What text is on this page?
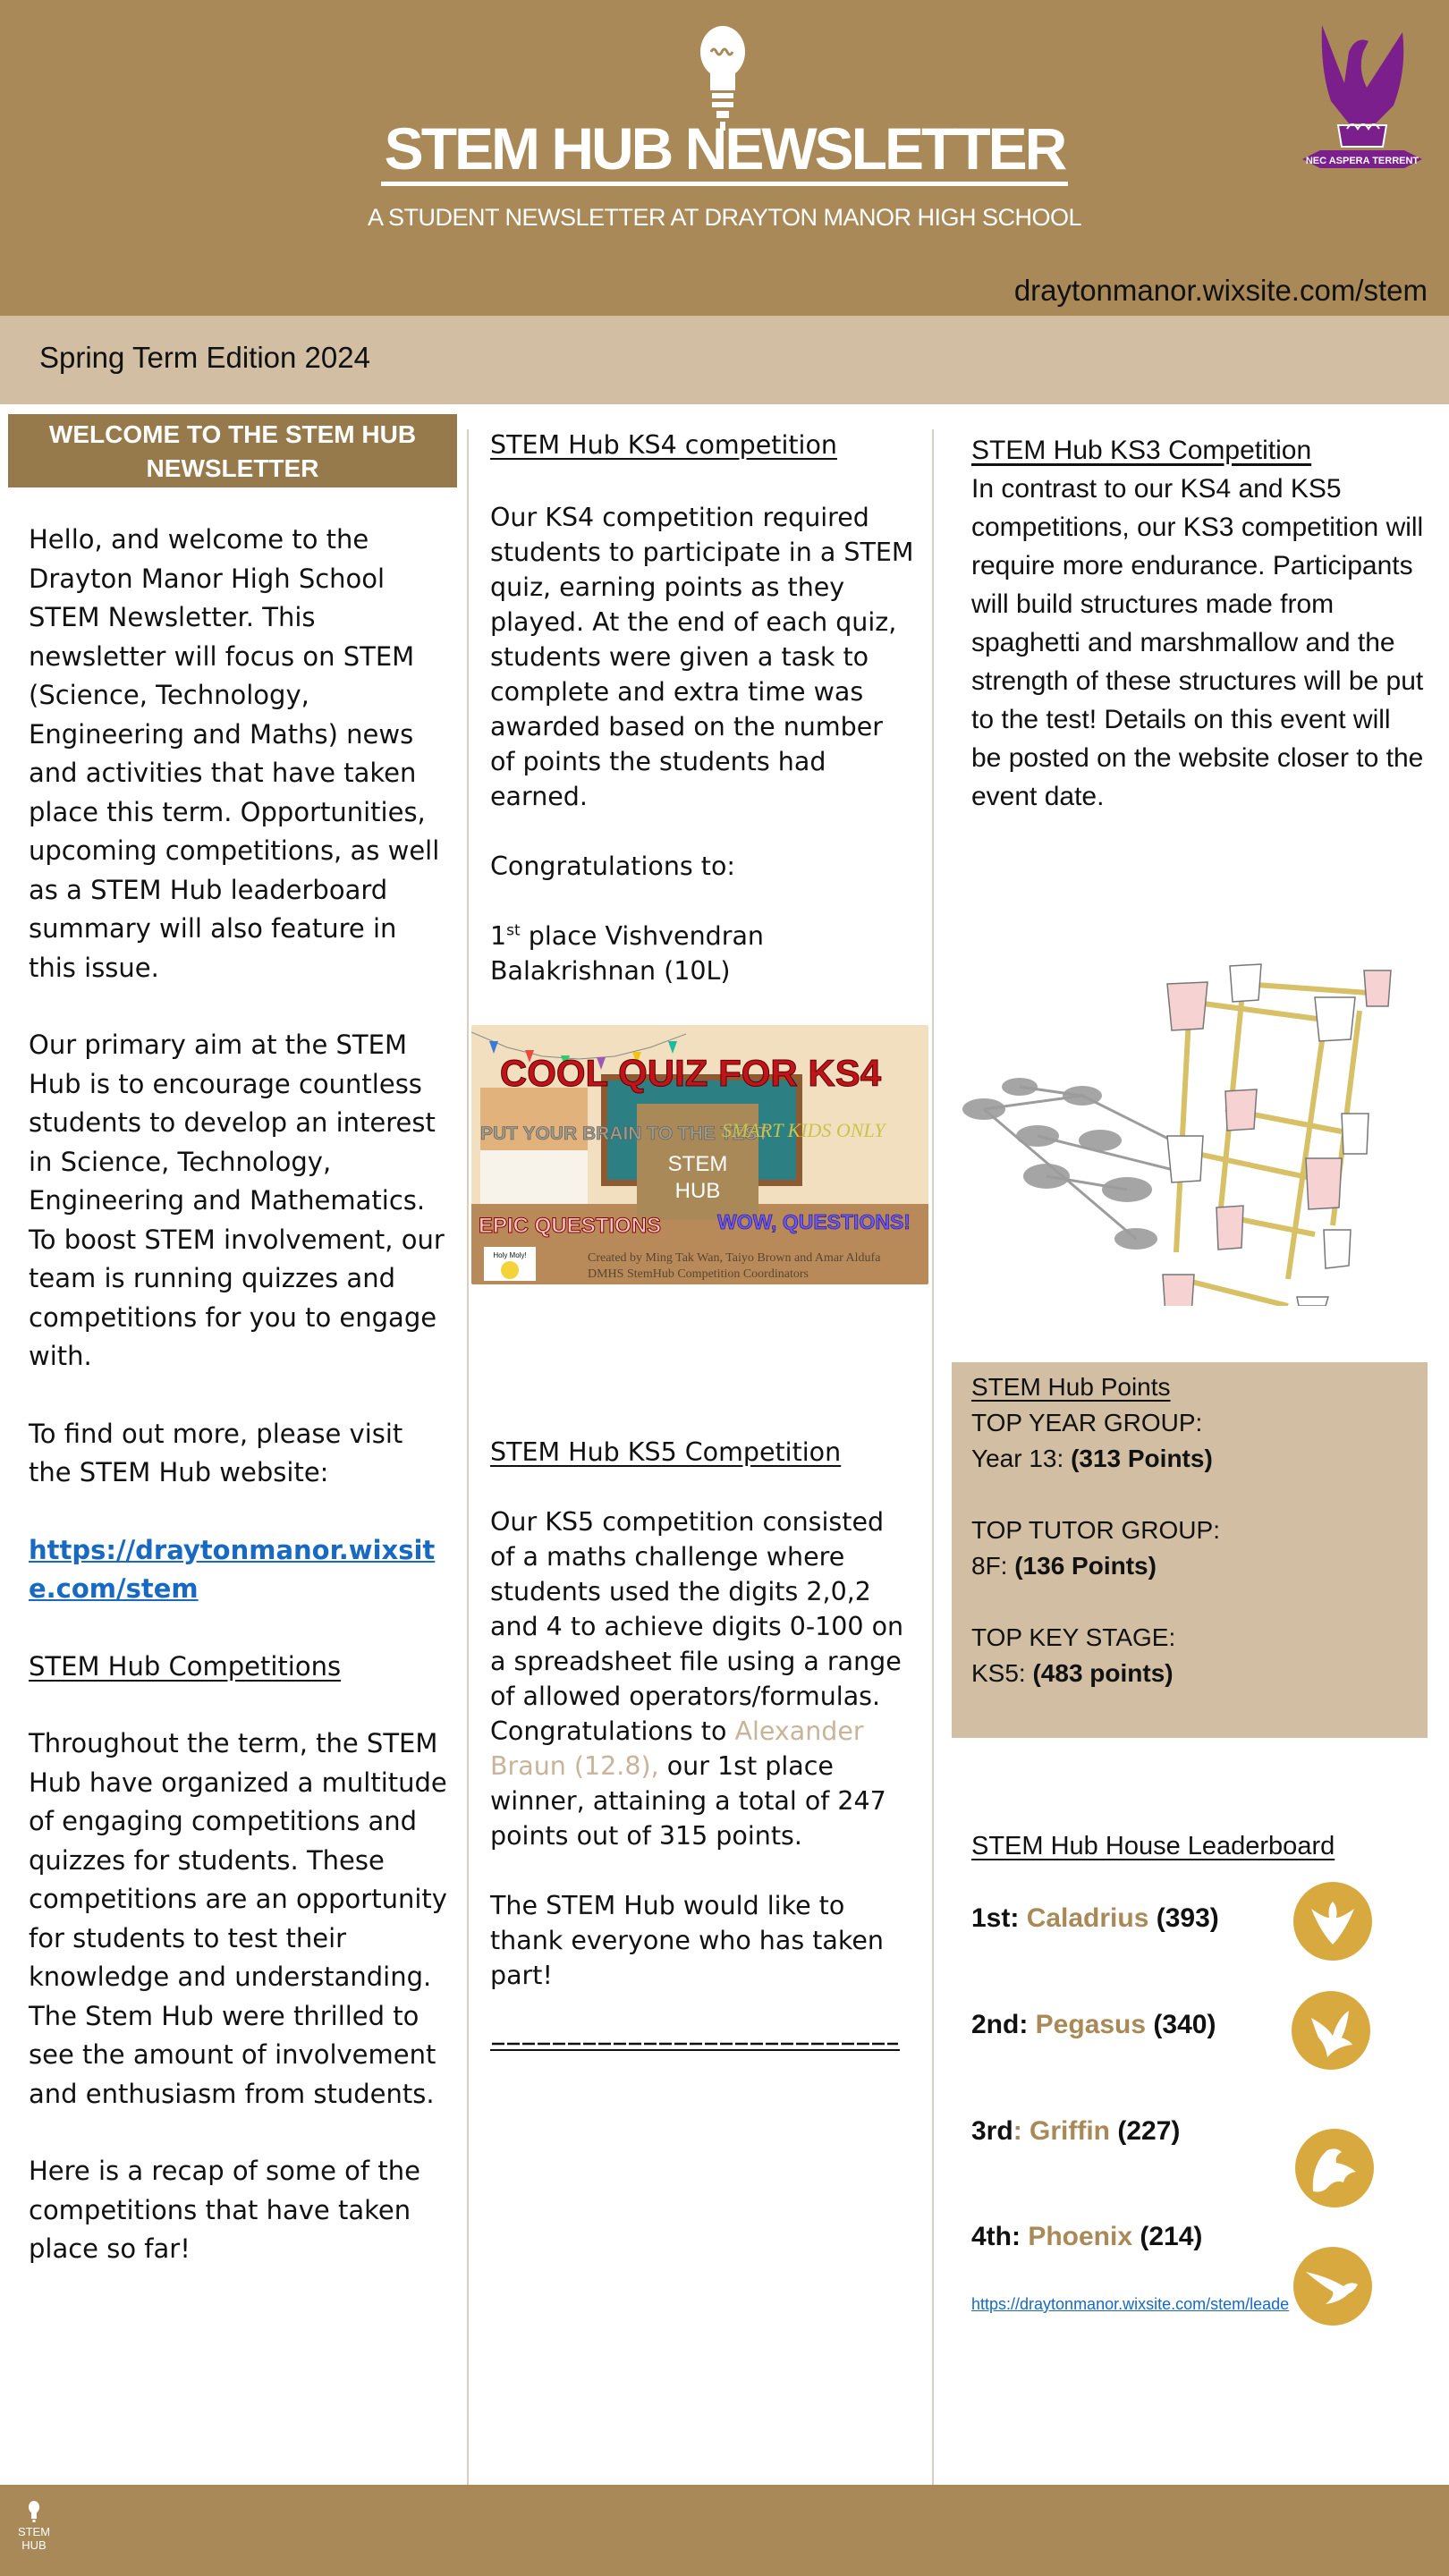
STEM HUB NEWSLETTER
A STUDENT NEWSLETTER AT DRAYTON MANOR HIGH SCHOOL
NEC ASPERA TERRENT
draytonmanor.wixsite.com/stem
Spring Term Edition 2024
WELCOME TO THE STEM HUB NEWSLETTER

Hello, and welcome to the Drayton Manor High School STEM Newsletter. This newsletter will focus on STEM (Science, Technology, Engineering and Maths) news and activities that have taken place this term. Opportunities, upcoming competitions, as well as a STEM Hub leaderboard summary will also feature in this issue.

Our primary aim at the STEM Hub is to encourage countless students to develop an interest in Science, Technology, Engineering and Mathematics. To boost STEM involvement, our team is running quizzes and competitions for you to engage with.

To find out more, please visit the STEM Hub website:

https://draytonmanor.wixsite.com/stem

STEM Hub Competitions

Throughout the term, the STEM Hub have organized a multitude of engaging competitions and quizzes for students. These competitions are an opportunity for students to test their knowledge and understanding. The Stem Hub were thrilled to see the amount of involvement and enthusiasm from students.

Here is a recap of some of the competitions that have taken place so far!

STEM Hub KS4 competition

Our KS4 competition required students to participate in a STEM quiz, earning points as they played. At the end of each quiz, students were given a task to complete and extra time was awarded based on the number of points the students had earned.

Congratulations to:

1st place Vishvendran Balakrishnan (10L)

STEM
HUB
COOL QUIZ FOR KS4
PUT YOUR BRAIN TO THE TEST
SMART KIDS ONLY
EPIC QUESTIONS	WOW, QUESTIONS!
Holy Moly!	Created by Ming Tak Wan, Taiyo Brown and Amar Aldufa
DMHS StemHub Competition Coordinators

STEM Hub KS5 Competition

Our KS5 competition consisted of a maths challenge where students used the digits 2,0,2 and 4 to achieve digits 0-100 on a spreadsheet file using a range of allowed operators/formulas. Congratulations to Alexander Braun (12.8), our 1st place winner, attaining a total of 247 points out of 315 points.

The STEM Hub would like to thank everyone who has taken part!

STEM Hub KS3 Competition

In contrast to our KS4 and KS5 competitions, our KS3 competition will require more endurance. Participants will build structures made from spaghetti and marshmallow and the strength of these structures will be put to the test! Details on this event will be posted on the website closer to the event date.

STEM Hub Points
TOP YEAR GROUP:
Year 13: (313 Points)
TOP TUTOR GROUP:
8F: (136 Points)
TOP KEY STAGE:
KS5: (483 points)
STEM Hub House Leaderboard
1st: Caladrius (393)
2nd: Pegasus (340)
3rd: Griffin (227)
4th: Phoenix (214)
https://draytonmanor.wixsite.com/stem/leade
STEM
HUB
